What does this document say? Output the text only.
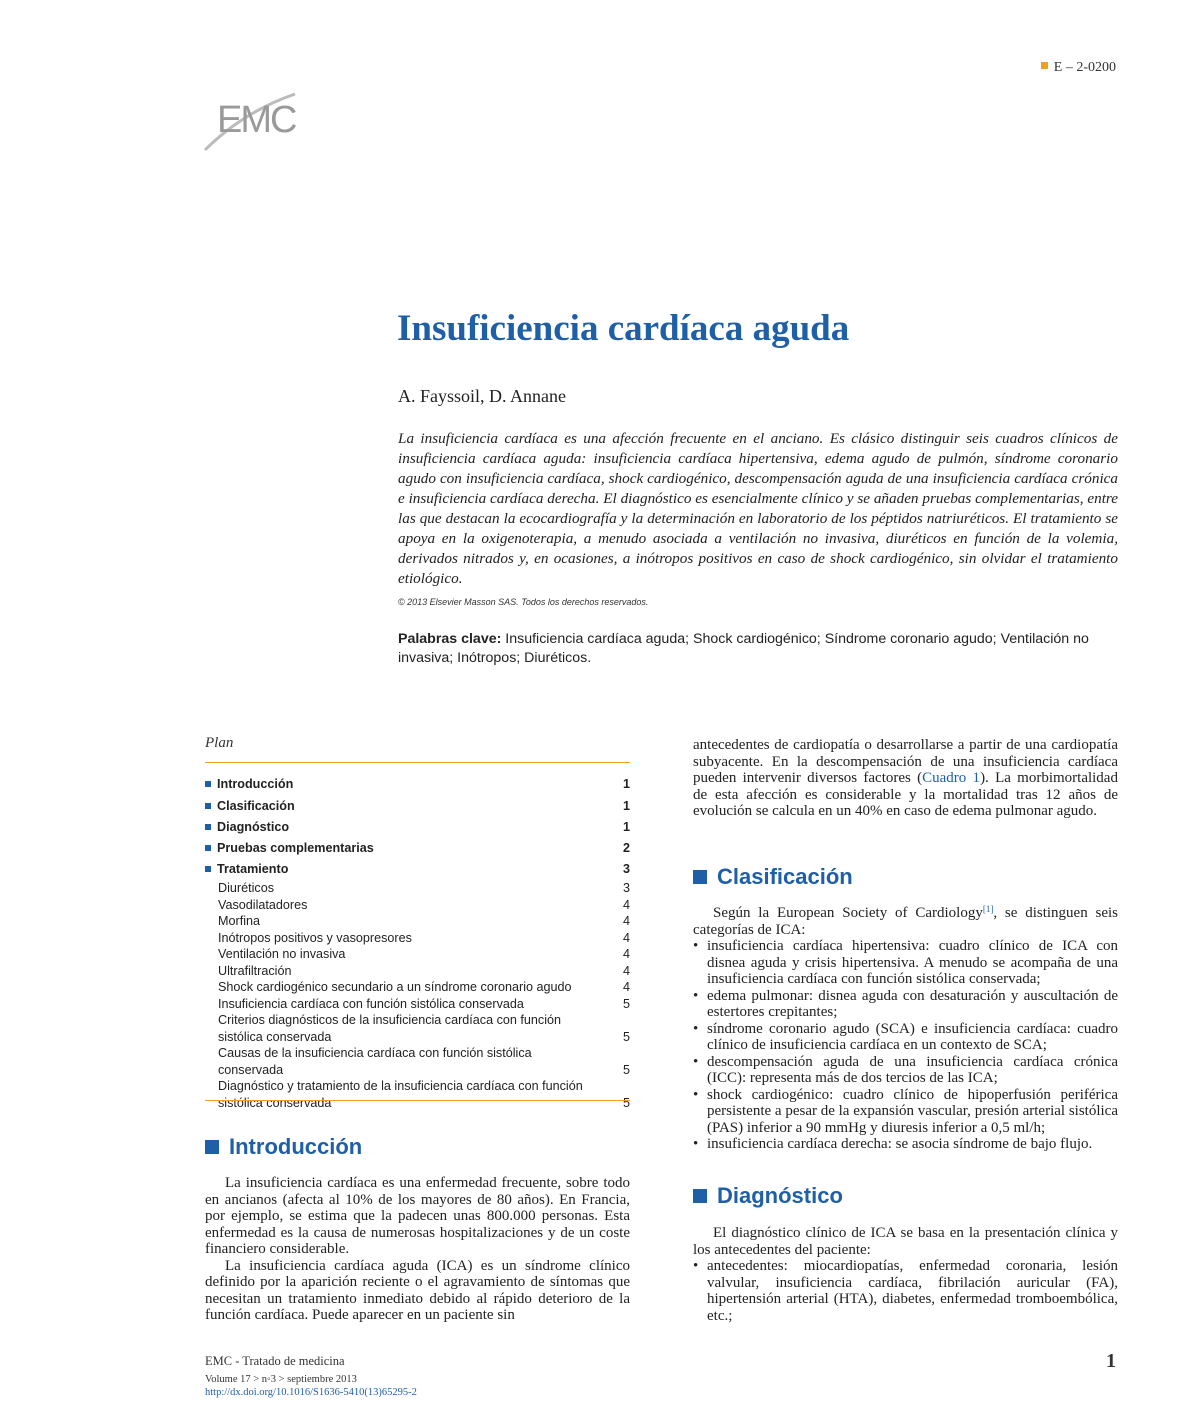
EMC
E – 2-0200
Insuficiencia cardíaca aguda
A. Fayssoil, D. Annane
La insuficiencia cardíaca es una afección frecuente en el anciano. Es clásico distinguir seis cuadros clínicos de insuficiencia cardíaca aguda: insuficiencia cardíaca hipertensiva, edema agudo de pulmón, síndrome coronario agudo con insuficiencia cardíaca, shock cardiogénico, descompensación aguda de una insuficiencia cardíaca crónica e insuficiencia cardíaca derecha. El diagnóstico es esencialmente clínico y se añaden pruebas complementarias, entre las que destacan la ecocardiografía y la determinación en laboratorio de los péptidos natriuréticos. El tratamiento se apoya en la oxigenoterapia, a menudo asociada a ventilación no invasiva, diuréticos en función de la volemia, derivados nitrados y, en ocasiones, a inótropos positivos en caso de shock cardiogénico, sin olvidar el tratamiento etiológico.
© 2013 Elsevier Masson SAS. Todos los derechos reservados.
Palabras clave: Insuficiencia cardíaca aguda; Shock cardiogénico; Síndrome coronario agudo; Ventilación no invasiva; Inótropos; Diuréticos.
Plan
Introducción	1
Clasificación	1
Diagnóstico	1
Pruebas complementarias	2
Tratamiento	3
Diuréticos	3
Vasodilatadores	4
Morfina	4
Inótropos positivos y vasopresores	4
Ventilación no invasiva	4
Ultrafiltración	4
Shock cardiogénico secundario a un síndrome coronario agudo	4
Insuficiencia cardíaca con función sistólica conservada	5
Criterios diagnósticos de la insuficiencia cardíaca con función sistólica conservada	5
Causas de la insuficiencia cardíaca con función sistólica conservada	5
Diagnóstico y tratamiento de la insuficiencia cardíaca con función sistólica conservada	5
Introducción

La insuficiencia cardíaca es una enfermedad frecuente, sobre todo en ancianos (afecta al 10% de los mayores de 80 años). En Francia, por ejemplo, se estima que la padecen unas 800.000 personas. Esta enfermedad es la causa de numerosas hospitalizaciones y de un coste financiero considerable.

La insuficiencia cardíaca aguda (ICA) es un síndrome clínico definido por la aparición reciente o el agravamiento de síntomas que necesitan un tratamiento inmediato debido al rápido deterioro de la función cardíaca. Puede aparecer en un paciente sin

antecedentes de cardiopatía o desarrollarse a partir de una cardiopatía subyacente. En la descompensación de una insuficiencia cardíaca pueden intervenir diversos factores (Cuadro 1). La morbimortalidad de esta afección es considerable y la mortalidad tras 12 años de evolución se calcula en un 40% en caso de edema pulmonar agudo.

Clasificación

Según la European Society of Cardiology[1], se distinguen seis categorías de ICA:

• insuficiencia cardíaca hipertensiva: cuadro clínico de ICA con disnea aguda y crisis hipertensiva. A menudo se acompaña de una insuficiencia cardíaca con función sistólica conservada;
• edema pulmonar: disnea aguda con desaturación y auscultación de estertores crepitantes;
• síndrome coronario agudo (SCA) e insuficiencia cardíaca: cuadro clínico de insuficiencia cardíaca en un contexto de SCA;
• descompensación aguda de una insuficiencia cardíaca crónica (ICC): representa más de dos tercios de las ICA;
• shock cardiogénico: cuadro clínico de hipoperfusión periférica persistente a pesar de la expansión vascular, presión arterial sistólica (PAS) inferior a 90 mmHg y diuresis inferior a 0,5 ml/h;
• insuficiencia cardíaca derecha: se asocia síndrome de bajo flujo.
Diagnóstico

El diagnóstico clínico de ICA se basa en la presentación clínica y los antecedentes del paciente:

• antecedentes: miocardiopatías, enfermedad coronaria, lesión valvular, insuficiencia cardíaca, fibrilación auricular (FA), hipertensión arterial (HTA), diabetes, enfermedad tromboembólica, etc.;
EMC - Tratado de medicina
Volume 17 > n◦3 > septiembre 2013
http://dx.doi.org/10.1016/S1636-5410(13)65295-2
1
